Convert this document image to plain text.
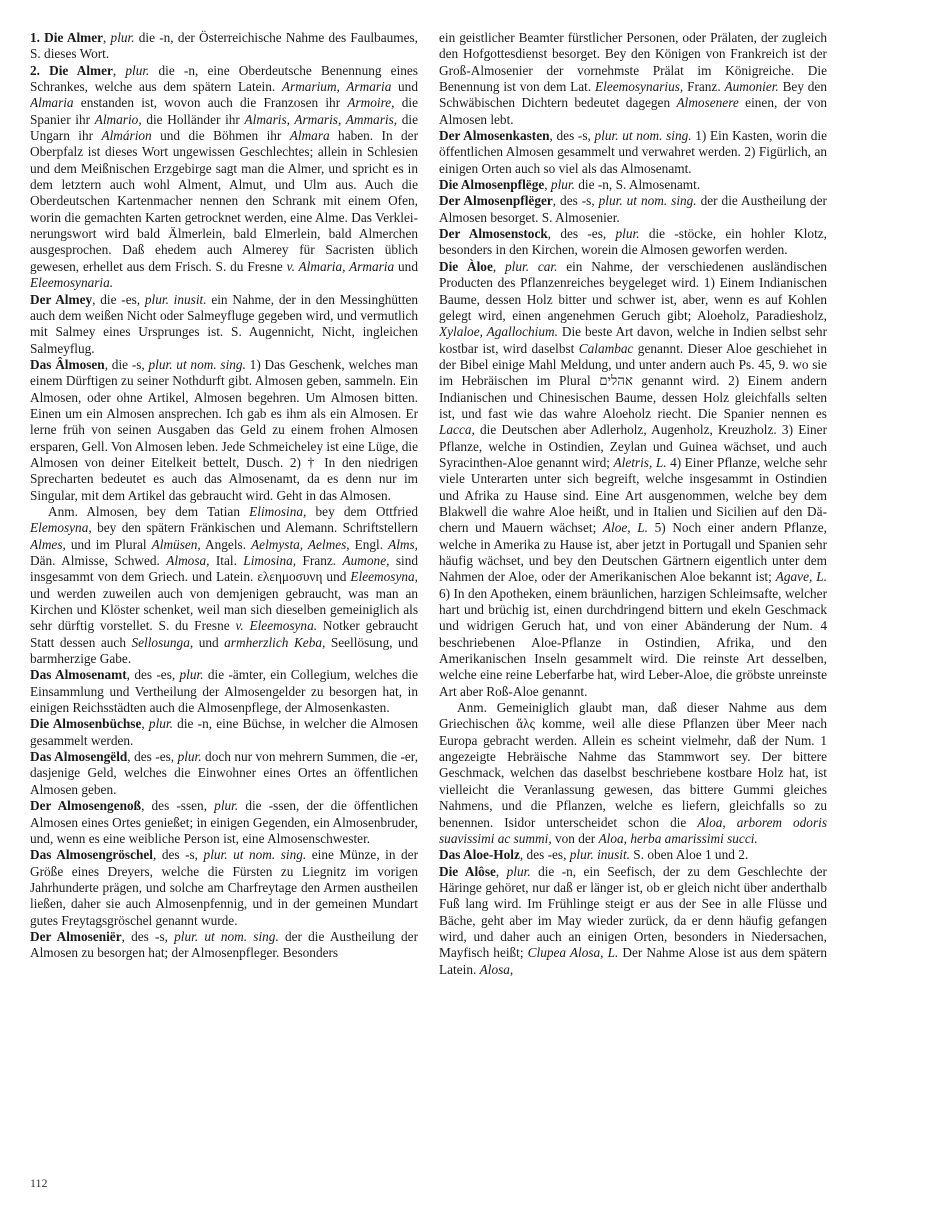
1. Die Almer, plur. die -n, der Österreichische Nahme des Faulbaumes, S. dieses Wort.

2. Die Almer, plur. die -n, eine Oberdeutsche Benennung eines Schrankes, welche aus dem spätern Latein. Armarium, Armaria und Almaria enstanden ist, wovon auch die Franzosen ihr Armoire, die Spanier ihr Almario, die Holländer ihr Almaris, Armaris, Ammaris, die Ungarn ihr Almárion und die Böhmen ihr Almara haben. In der Oberpfalz ist dieses Wort ungewissen Geschlechtes; allein in Schlesien und dem Meißnischen Erzgebirge sagt man die Almer, und spricht es in dem letztern auch wohl Alment, Almut, und Ulm aus. Auch die Oberdeutschen Kartenmacher nennen den Schrank mit einem Ofen, worin die gemachten Karten getrocknet werden, eine Alme. Das Verkleinerungswort wird bald Älmerlein, bald Elmerlein, bald Almerchen ausgesprochen. Daß ehedem auch Almerey für Sacristen üblich gewesen, erhellet aus dem Frisch. S. du Fresne v. Almaria, Armaria und Eleemosynaria.

Der Almey, die -es, plur. inusit. ein Nahme, der in den Messinghütten auch dem weißen Nicht oder Salmeyfluge gegeben wird, und vermutlich mit Salmey eines Ursprunges ist. S. Augennicht, Nicht, ingleichen Salmeyflug.

Das Âlmosen, die -s, plur. ut nom. sing. 1) Das Geschenk, welches man einem Dürftigen zu seiner Nothdurft gibt. Almosen geben, sammeln. Ein Almosen, oder ohne Artikel, Almosen begehren. Um Almosen bitten. Einen um ein Almosen ansprechen. Ich gab es ihm als ein Almosen. Er lerne früh von seinen Ausgaben das Geld zu einem frohen Almosen ersparen, Gell. Von Almosen leben. Jede Schmeicheley ist eine Lüge, die Almosen von deiner Eitelkeit bettelt, Dusch. 2) † In den niedrigen Sprecharten bedeutet es auch das Almosenamt, da es denn nur im Singular, mit dem Artikel das gebraucht wird. Geht in das Almosen.

Anm. Almosen, bey dem Tatian Elimosina, bey dem Ottfried Elemosyna, bey den spätern Fränkischen und Alemann. Schriftstellern Almes, und im Plural Almüsen, Angels. Aelmysta, Aelmes, Engl. Alms, Dän. Almisse, Schwed. Almosa, Ital. Limosina, Franz. Aumone, sind insgesammt von dem Griech. und Latein. ελεημοσυνη und Eleemosyna, und werden zuweilen auch von demjenigen gebraucht, was man an Kirchen und Klöster schenket, weil man sich dieselben gemeiniglich als sehr dürftig vorstellet. S. du Fresne v. Eleemosyna. Notker gebraucht Statt dessen auch Sellosunga, und armherzlich Keba, Seellösung, und barmherzige Gabe.

Das Almosenamt, des -es, plur. die -ämter, ein Collegium, welches die Einsammlung und Vertheilung der Almosengelder zu besorgen hat, in einigen Reichsstädten auch die Almosenpflege, der Almosenkasten.

Die Almosenbüchse, plur. die -n, eine Büchse, in welcher die Almosen gesammelt werden.

Das Almosengëld, des -es, plur. doch nur von mehrern Summen, die -er, dasjenige Geld, welches die Einwohner eines Ortes an öffentlichen Almosen geben.

Der Almosengenoß, des -ssen, plur. die -ssen, der die öffentlichen Almosen eines Ortes genießet; in einigen Gegenden, ein Almosenbruder, und, wenn es eine weibliche Person ist, eine Almosenschwester.

Das Almosengröschel, des -s, plur. ut nom. sing. eine Münze, in der Größe eines Dreyers, welche die Fürsten zu Liegnitz im vorigen Jahrhunderte prägen, und solche am Charfreytage den Armen austheilen ließen, daher sie auch Almosenpfennig, und in der gemeinen Mundart gutes Freytagsgröschel genannt wurde.

Der Almoseniër, des -s, plur. ut nom. sing. der die Austheilung der Almosen zu besorgen hat; der Almosenpfleger. Besonders

ein geistlicher Beamter fürstlicher Personen, oder Prälaten, der zugleich den Hofgottesdienst besorget. Bey den Königen von Frankreich ist der Groß-Almosenier der vornehmste Prälat im Königreiche. Die Benennung ist von dem Lat. Eleemosynarius, Franz. Aumonier. Bey den Schwäbischen Dichtern bedeutet dagegen Almosenere einen, der von Almosen lebt.

Der Almosenkasten, des -s, plur. ut nom. sing. 1) Ein Kasten, worin die öffentlichen Almosen gesammelt und verwahret werden. 2) Figürlich, an einigen Orten auch so viel als das Almosenamt.

Die Almosenpflëge, plur. die -n, S. Almosenamt.

Der Almosenpflëger, des -s, plur. ut nom. sing. der die Austheilung der Almosen besorget. S. Almosenier.

Der Almosenstock, des -es, plur. die -stöcke, ein hohler Klotz, besonders in den Kirchen, worein die Almosen geworfen werden.

Die Àloe, plur. car. ein Nahme, der verschiedenen ausländischen Producten des Pflanzenreiches beygeleget wird. 1) Einem Indianischen Baume, dessen Holz bitter und schwer ist, aber, wenn es auf Kohlen gelegt wird, einen angenehmen Geruch gibt; Aloeholz, Paradiesholz, Xylaloe, Agallochium. Die beste Art davon, welche in Indien selbst sehr kostbar ist, wird daselbst Calambac genannt. Dieser Aloe geschiehet in der Bibel einige Mahl Meldung, und unter andern auch Ps. 45, 9. wo sie im Hebräischen im Plural אהלים genannt wird. 2) Einem andern Indianischen und Chinesischen Baume, dessen Holz gleichfalls selten ist, und fast wie das wahre Aloeholz riecht. Die Spanier nennen es Lacca, die Deutschen aber Adlerholz, Augenholz, Kreuzholz. 3) Einer Pflanze, welche in Ostindien, Zeylan und Guinea wächset, und auch Syracinthen-Aloe genannt wird; Aletris, L. 4) Einer Pflanze, welche sehr viele Unterarten unter sich begreift, welche insgesammt in Ostindien und Afrika zu Hause sind. Eine Art ausgenommen, welche bey dem Blakwell die wahre Aloe heißt, und in Italien und Sicilien auf den Dächern und Mauern wächset; Aloe, L. 5) Noch einer andern Pflanze, welche in Amerika zu Hause ist, aber jetzt in Portugall und Spanien sehr häufig wächset, und bey den Deutschen Gärtnern eigentlich unter dem Nahmen der Aloe, oder der Amerikanischen Aloe bekannt ist; Agave, L. 6) In den Apotheken, einem bräunlichen, harzigen Schleimsafte, welcher hart und brüchig ist, einen durchdringend bittern und ekeln Geschmack und widrigen Geruch hat, und von einer Abänderung der Num. 4 beschriebenen Aloe-Pflanze in Ostindien, Afrika, und den Amerikanischen Inseln gesammelt wird. Die reinste Art desselben, welche eine reine Leberfarbe hat, wird Leber-Aloe, die gröbste unreinste Art aber Roß-Aloe genannt.

Anm. Gemeiniglich glaubt man, daß dieser Nahme aus dem Griechischen ἄλς komme, weil alle diese Pflanzen über Meer nach Europa gebracht werden. Allein es scheint vielmehr, daß der Num. 1 angezeigte Hebräische Nahme das Stammwort sey. Der bittere Geschmack, welchen das daselbst beschriebene kostbare Holz hat, ist vielleicht die Veranlassung gewesen, das bittere Gummi gleiches Nahmens, und die Pflanzen, welche es liefern, gleichfalls so zu benennen. Isidor unterscheidet schon die Aloa, arborem odoris suavissimi ac summi, von der Aloa, herba amarissimi succi.

Das Aloe-Holz, des -es, plur. inusit. S. oben Aloe 1 und 2.

Die Alôse, plur. die -n, ein Seefisch, der zu dem Geschlechte der Häringe gehöret, nur daß er länger ist, ob er gleich nicht über anderthalb Fuß lang wird. Im Frühlinge steigt er aus der See in alle Flüsse und Bäche, geht aber im May wieder zurück, da er denn häufig gefangen wird, und daher auch an einigen Orten, besonders in Niedersachen, Mayfisch heißt; Clupea Alosa, L. Der Nahme Alose ist aus dem spätern Latein. Alosa,

112
